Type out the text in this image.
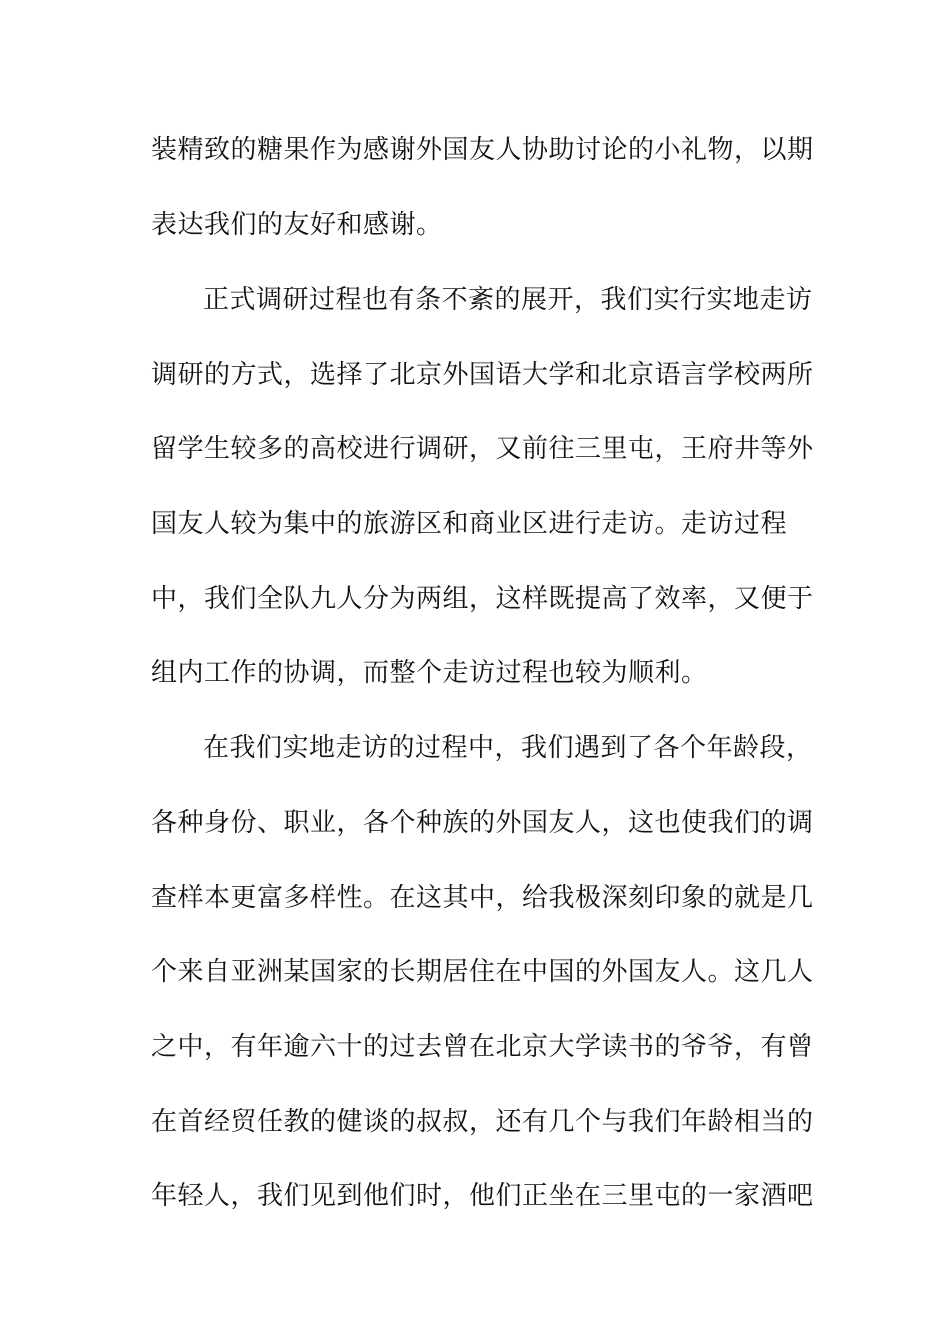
装精致的糖果作为感谢外国友人协助讨论的小礼物，以期
表达我们的友好和感谢。
正式调研过程也有条不紊的展开，我们实行实地走访
调研的方式，选择了北京外国语大学和北京语言学校两所
留学生较多的高校进行调研，又前往三里屯，王府井等外
国友人较为集中的旅游区和商业区进行走访。走访过程
中，我们全队九人分为两组，这样既提高了效率，又便于
组内工作的协调，而整个走访过程也较为顺利。
在我们实地走访的过程中，我们遇到了各个年龄段，
各种身份、职业，各个种族的外国友人，这也使我们的调
查样本更富多样性。在这其中，给我极深刻印象的就是几
个来自亚洲某国家的长期居住在中国的外国友人。这几人
之中，有年逾六十的过去曾在北京大学读书的爷爷，有曾
在首经贸任教的健谈的叔叔，还有几个与我们年龄相当的
年轻人，我们见到他们时，他们正坐在三里屯的一家酒吧
